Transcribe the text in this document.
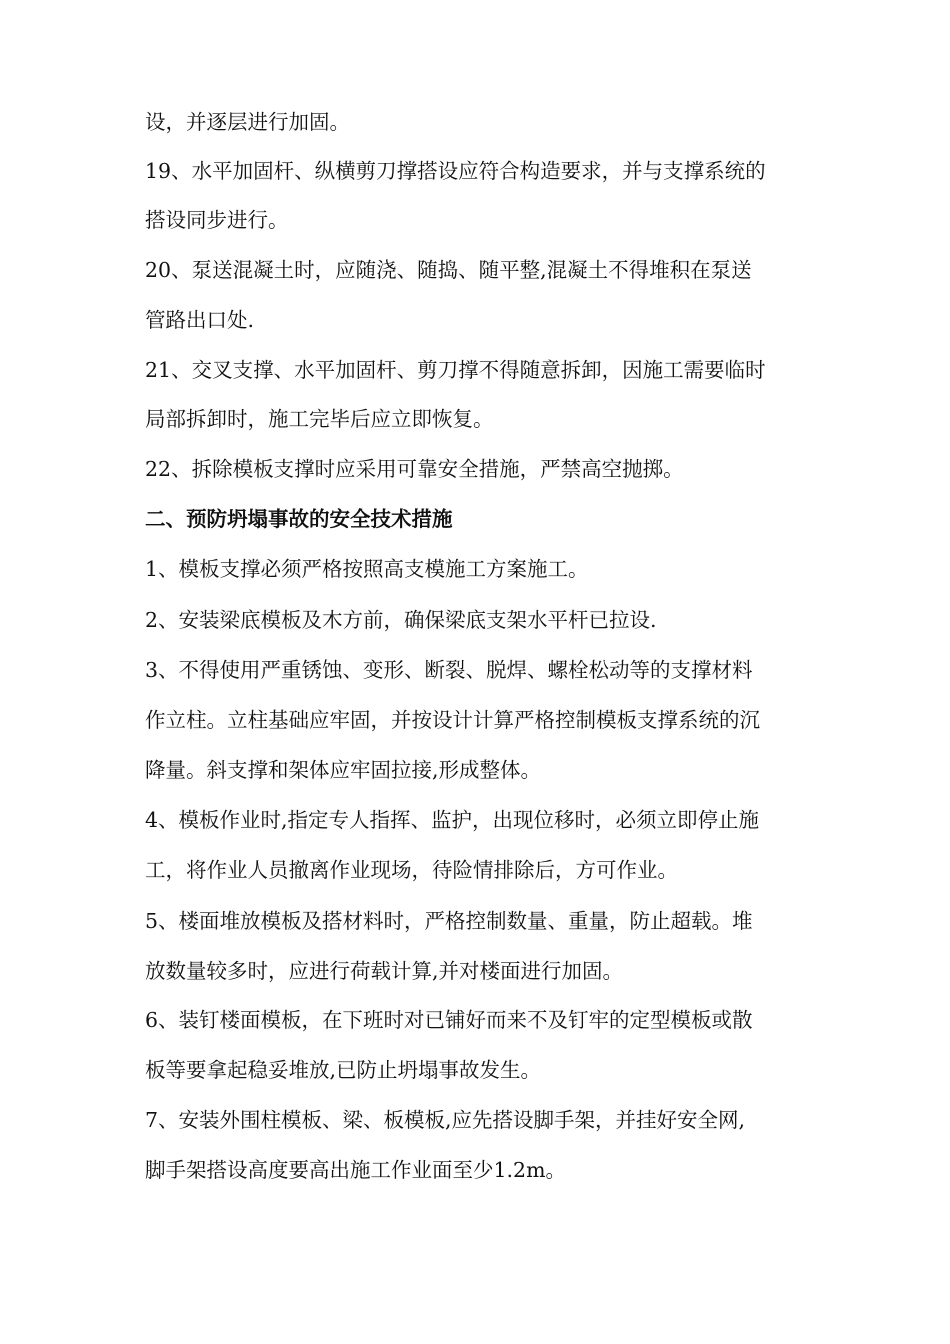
设，并逐层进行加固。
19、水平加固杆、纵横剪刀撑搭设应符合构造要求，并与支撑系统的
搭设同步进行。
20、泵送混凝土时，应随浇、随捣、随平整,混凝土不得堆积在泵送
管路出口处.
21、交叉支撑、水平加固杆、剪刀撑不得随意拆卸，因施工需要临时
局部拆卸时，施工完毕后应立即恢复。
22、拆除模板支撑时应采用可靠安全措施，严禁高空抛掷。
二、预防坍塌事故的安全技术措施
1、模板支撑必须严格按照高支模施工方案施工。
2、安装梁底模板及木方前，确保梁底支架水平杆已拉设.
3、不得使用严重锈蚀、变形、断裂、脱焊、螺栓松动等的支撑材料
作立柱。立柱基础应牢固，并按设计计算严格控制模板支撑系统的沉
降量。斜支撑和架体应牢固拉接,形成整体。
4、模板作业时,指定专人指挥、监护，出现位移时，必须立即停止施
工，将作业人员撤离作业现场，待险情排除后，方可作业。
5、楼面堆放模板及搭材料时，严格控制数量、重量，防止超载。堆
放数量较多时，应进行荷载计算,并对楼面进行加固。
6、装钉楼面模板，在下班时对已铺好而来不及钉牢的定型模板或散
板等要拿起稳妥堆放,已防止坍塌事故发生。
7、安装外围柱模板、梁、板模板,应先搭设脚手架，并挂好安全网,
脚手架搭设高度要高出施工作业面至少1.2m。
